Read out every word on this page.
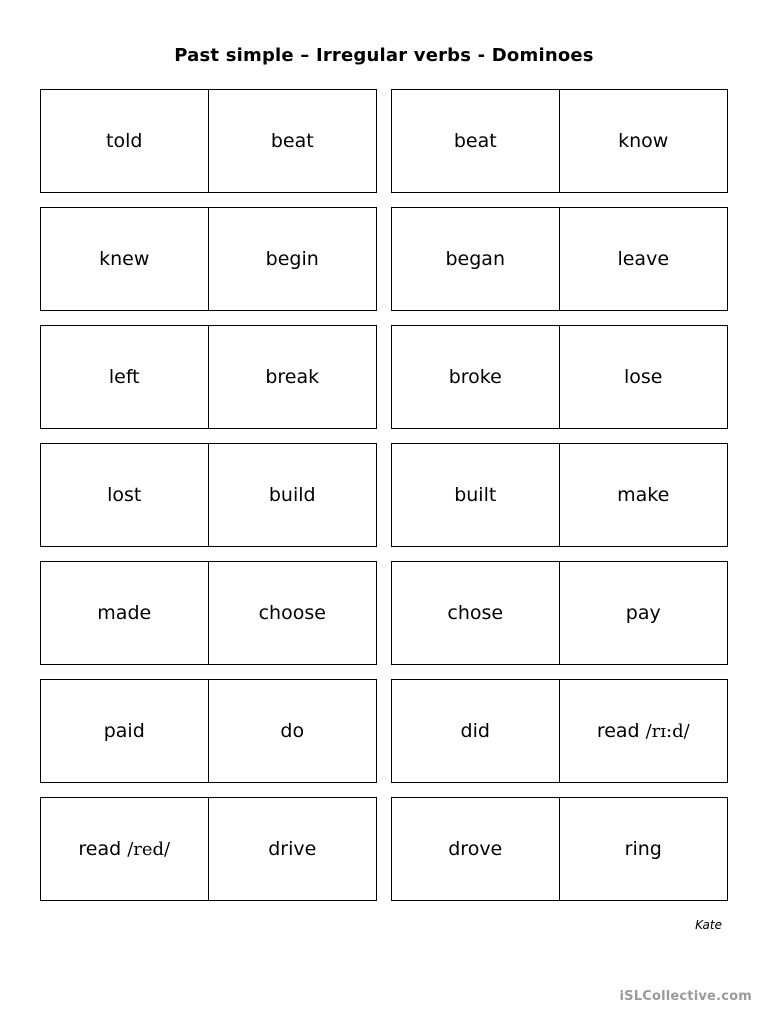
Past simple – Irregular verbs - Dominoes
told	beat	beat	know
knew	begin	began	leave
left	break	broke	lose
lost	build	built	make
made	choose	chose	pay
paid	do	did	read /rɪ:d/
read /red/	drive	drove	ring
Kate
iSLCollective.com
